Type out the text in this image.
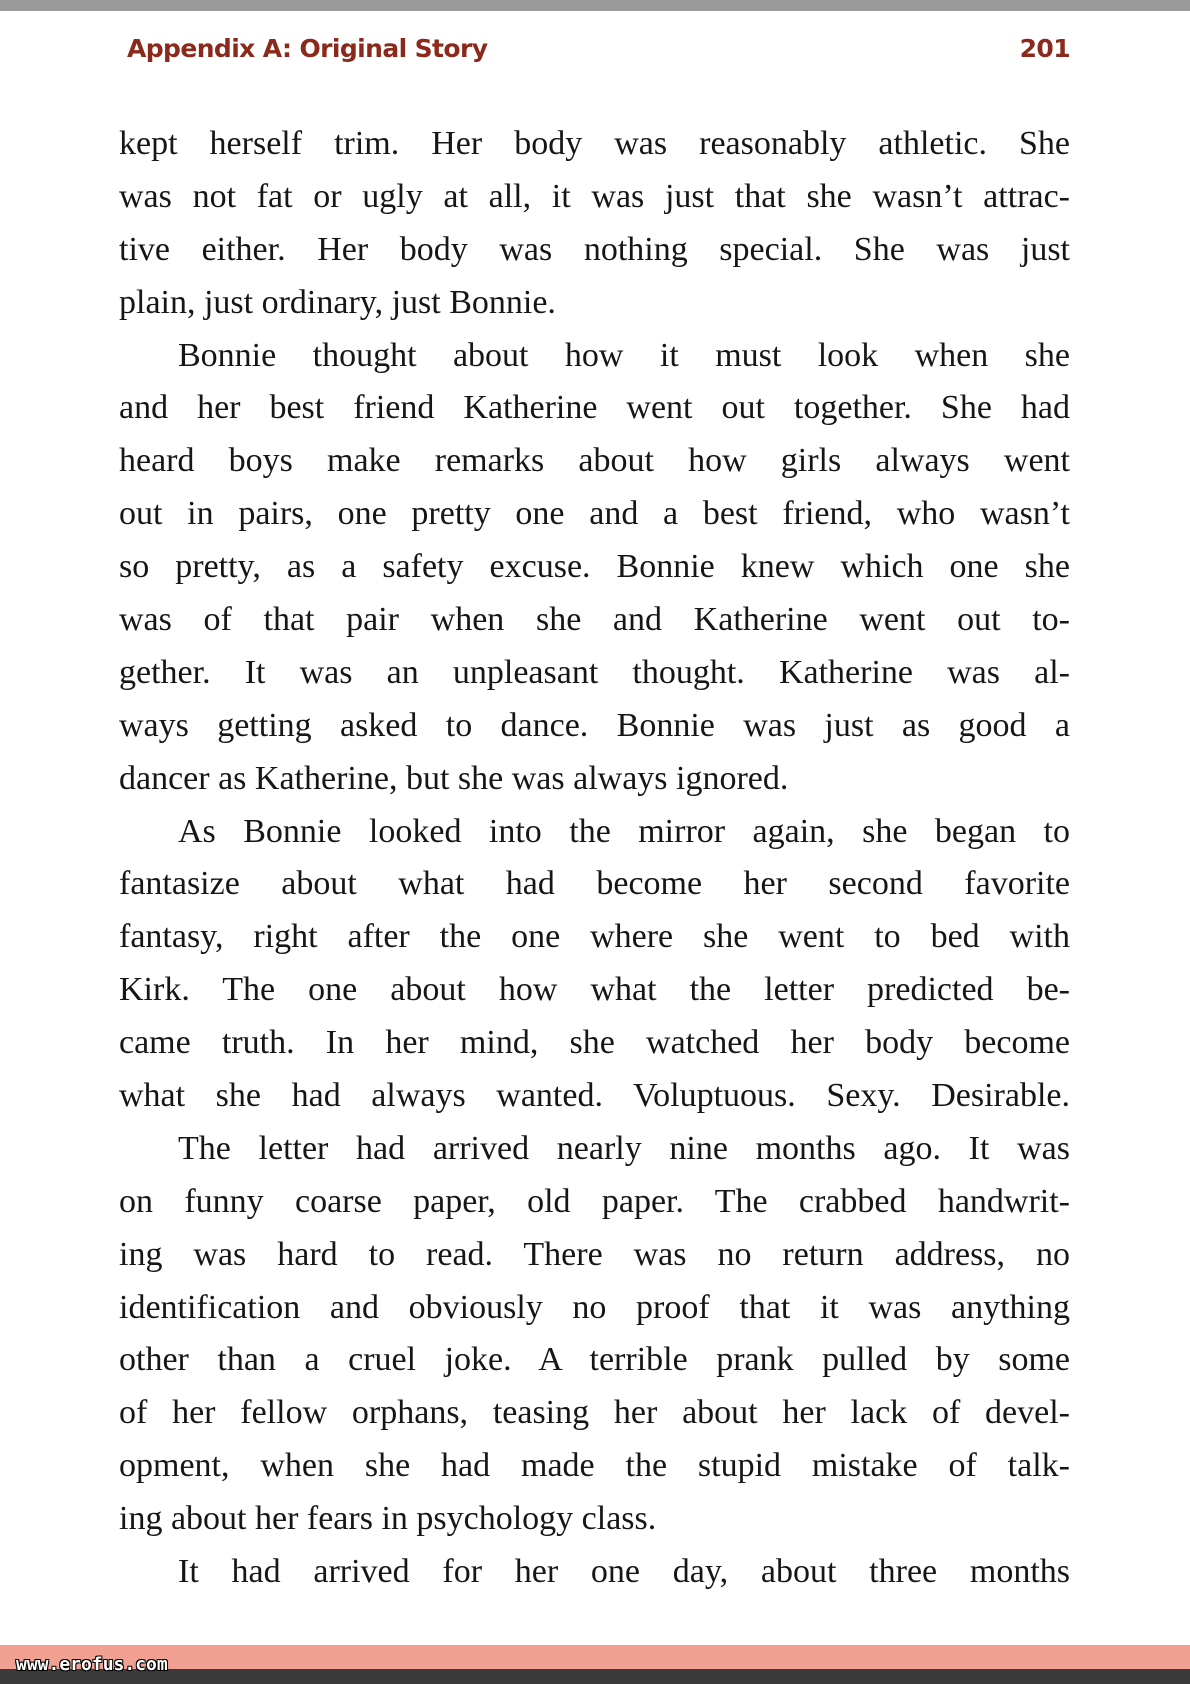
Appendix A: Original Story	201
kept herself trim. Her body was reasonably athletic. She
was not fat or ugly at all, it was just that she wasn’t attrac-
tive either. Her body was nothing special. She was just
plain, just ordinary, just Bonnie.
Bonnie thought about how it must look when she
and her best friend Katherine went out together. She had
heard boys make remarks about how girls always went
out in pairs, one pretty one and a best friend, who wasn’t
so pretty, as a safety excuse. Bonnie knew which one she
was of that pair when she and Katherine went out to-
gether. It was an unpleasant thought. Katherine was al-
ways getting asked to dance. Bonnie was just as good a
dancer as Katherine, but she was always ignored.
As Bonnie looked into the mirror again, she began to
fantasize about what had become her second favorite
fantasy, right after the one where she went to bed with
Kirk. The one about how what the letter predicted be-
came truth. In her mind, she watched her body become
what she had always wanted. Voluptuous. Sexy. Desirable.
The letter had arrived nearly nine months ago. It was
on funny coarse paper, old paper. The crabbed handwrit-
ing was hard to read. There was no return address, no
identification and obviously no proof that it was anything
other than a cruel joke. A terrible prank pulled by some
of her fellow orphans, teasing her about her lack of devel-
opment, when she had made the stupid mistake of talk-
ing about her fears in psychology class.
It had arrived for her one day, about three months
www.erofus.com
